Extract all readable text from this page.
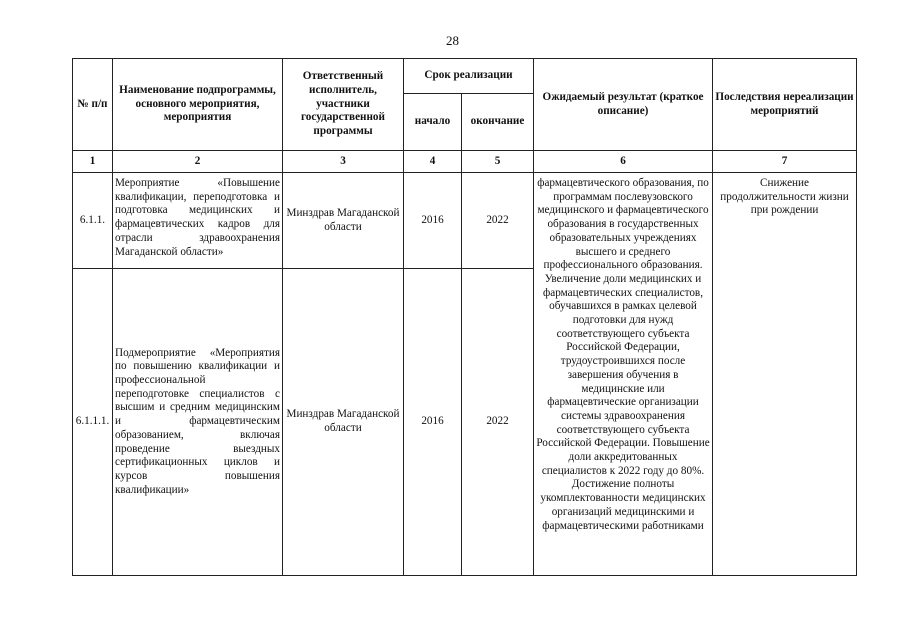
28
№ п/п	Наименование подпрограммы, основного мероприятия, мероприятия	Ответственный исполнитель, участники государственной программы	Срок реализации		Ожидаемый результат (краткое описание)	Последствия нереализации мероприятий
			начало	окончание		
1	2	3	4	5	6	7
6.1.1.	Мероприятие «Повышение квалификации, переподготовка и подготовка медицинских и фармацевтических кадров для отрасли здравоохранения Магаданской области»	Минздрав Магаданской области	2016	2022	фармацевтического образования, по программам послевузовского медицинского и фармацевтического образования в государственных образовательных учреждениях высшего и среднего профессионального образования. Увеличение доли медицинских и фармацевтических специалистов, обучавшихся в рамках целевой подготовки для нужд соответствующего субъекта Российской Федерации, трудоустроившихся после завершения обучения в медицинские или фармацевтические организации системы здравоохранения соответствующего субъекта Российской Федерации. Повышение доли аккредитованных специалистов к 2022 году до 80%. Достижение полноты укомплектованности медицинских организаций медицинскими и фармацевтическими работниками	Снижение продолжительности жизни при рождении
6.1.1.1.	Подмероприятие «Мероприятия по повышению квалификации и профессиональной переподготовке специалистов с высшим и средним медицинским и фармацевтическим образованием, включая проведение выездных сертификационных циклов и курсов повышения квалификации»	Минздрав Магаданской области	2016	2022		
